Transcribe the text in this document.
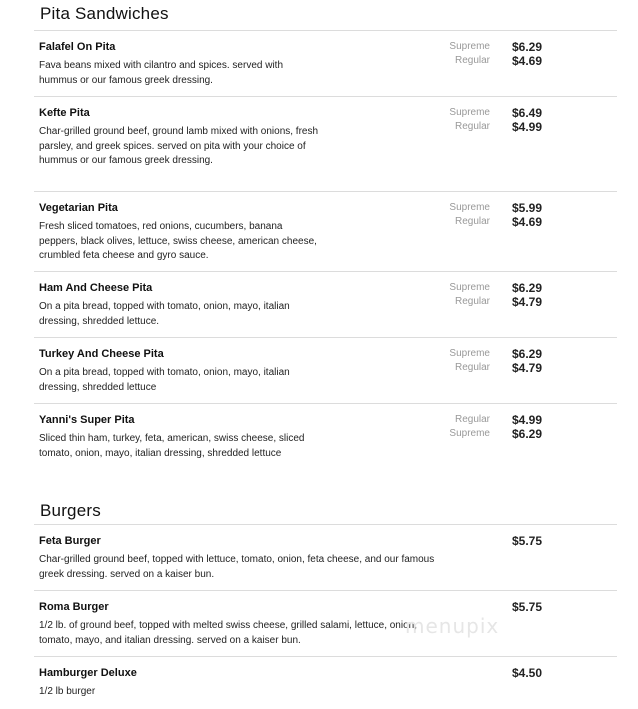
Pita Sandwiches
Falafel On Pita
Fava beans mixed with cilantro and spices. served with hummus or our famous greek dressing.
Supreme $6.29
Regular $4.69
Kefte Pita
Char-grilled ground beef, ground lamb mixed with onions, fresh parsley, and greek spices. served on pita with your choice of hummus or our famous greek dressing.
Supreme $6.49
Regular $4.99
Vegetarian Pita
Fresh sliced tomatoes, red onions, cucumbers, banana peppers, black olives, lettuce, swiss cheese, american cheese, crumbled feta cheese and gyro sauce.
Supreme $5.99
Regular $4.69
Ham And Cheese Pita
On a pita bread, topped with tomato, onion, mayo, italian dressing, shredded lettuce.
Supreme $6.29
Regular $4.79
Turkey And Cheese Pita
On a pita bread, topped with tomato, onion, mayo, italian dressing, shredded lettuce
Supreme $6.29
Regular $4.79
Yanni's Super Pita
Sliced thin ham, turkey, feta, american, swiss cheese, sliced tomato, onion, mayo, italian dressing, shredded lettuce
Regular $4.99
Supreme $6.29
Burgers
Feta Burger
Char-grilled ground beef, topped with lettuce, tomato, onion, feta cheese, and our famous greek dressing. served on a kaiser bun.
$5.75
Roma Burger
1/2 lb. of ground beef, topped with melted swiss cheese, grilled salami, lettuce, onion, tomato, mayo, and italian dressing. served on a kaiser bun.
$5.75
Hamburger Deluxe
1/2 lb burger
$4.50
menupix
